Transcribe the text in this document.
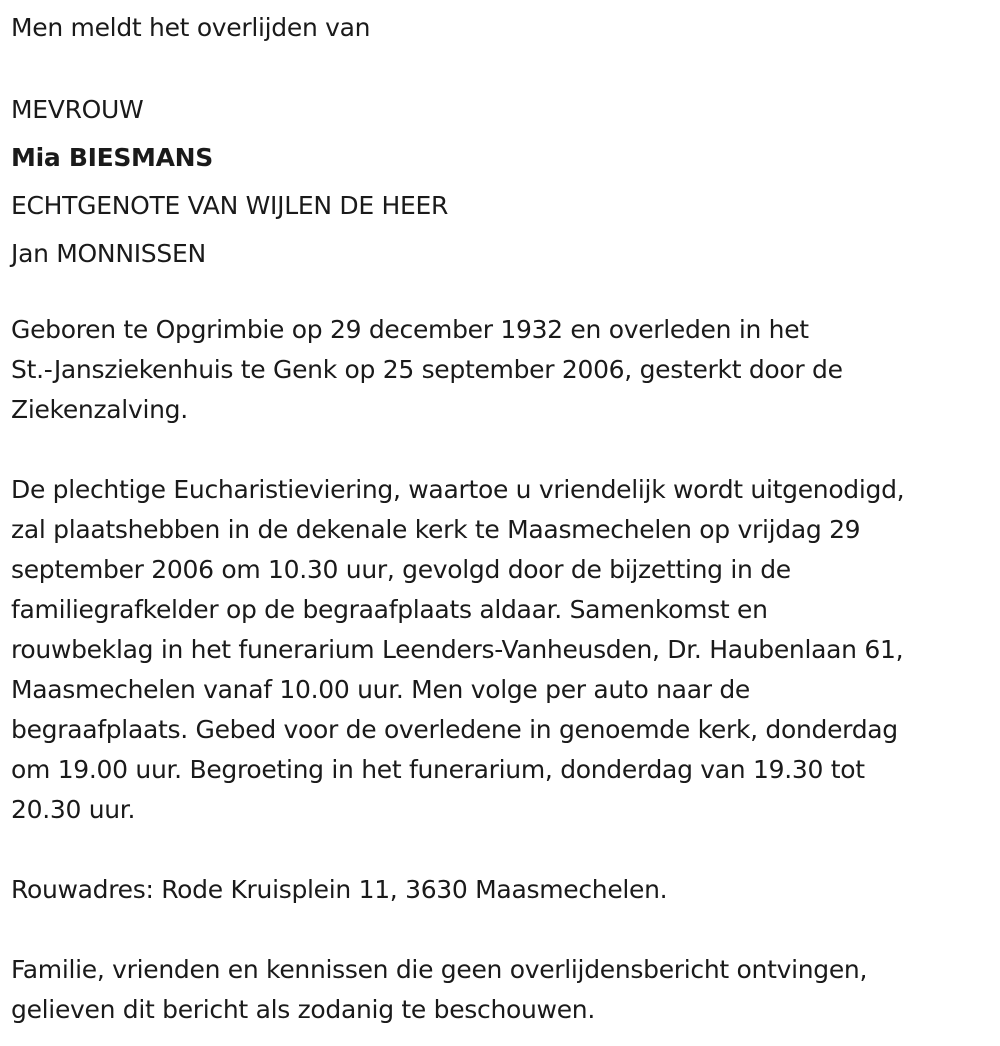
Men meldt het overlijden van
MEVROUW
Mia BIESMANS
ECHTGENOTE VAN WIJLEN DE HEER
Jan MONNISSEN
Geboren te Opgrimbie op 29 december 1932 en overleden in het
St.-Jansziekenhuis te Genk op 25 september 2006, gesterkt door de
Ziekenzalving.
De plechtige Eucharistieviering, waartoe u vriendelijk wordt uitgenodigd,
zal plaatshebben in de dekenale kerk te Maasmechelen op vrijdag 29
september 2006 om 10.30 uur, gevolgd door de bijzetting in de
familiegrafkelder op de begraafplaats aldaar. Samenkomst en
rouwbeklag in het funerarium Leenders-Vanheusden, Dr. Haubenlaan 61,
Maasmechelen vanaf 10.00 uur. Men volge per auto naar de
begraafplaats. Gebed voor de overledene in genoemde kerk, donderdag
om 19.00 uur. Begroeting in het funerarium, donderdag van 19.30 tot
20.30 uur.
Rouwadres: Rode Kruisplein 11, 3630 Maasmechelen.
Familie, vrienden en kennissen die geen overlijdensbericht ontvingen,
gelieven dit bericht als zodanig te beschouwen.
